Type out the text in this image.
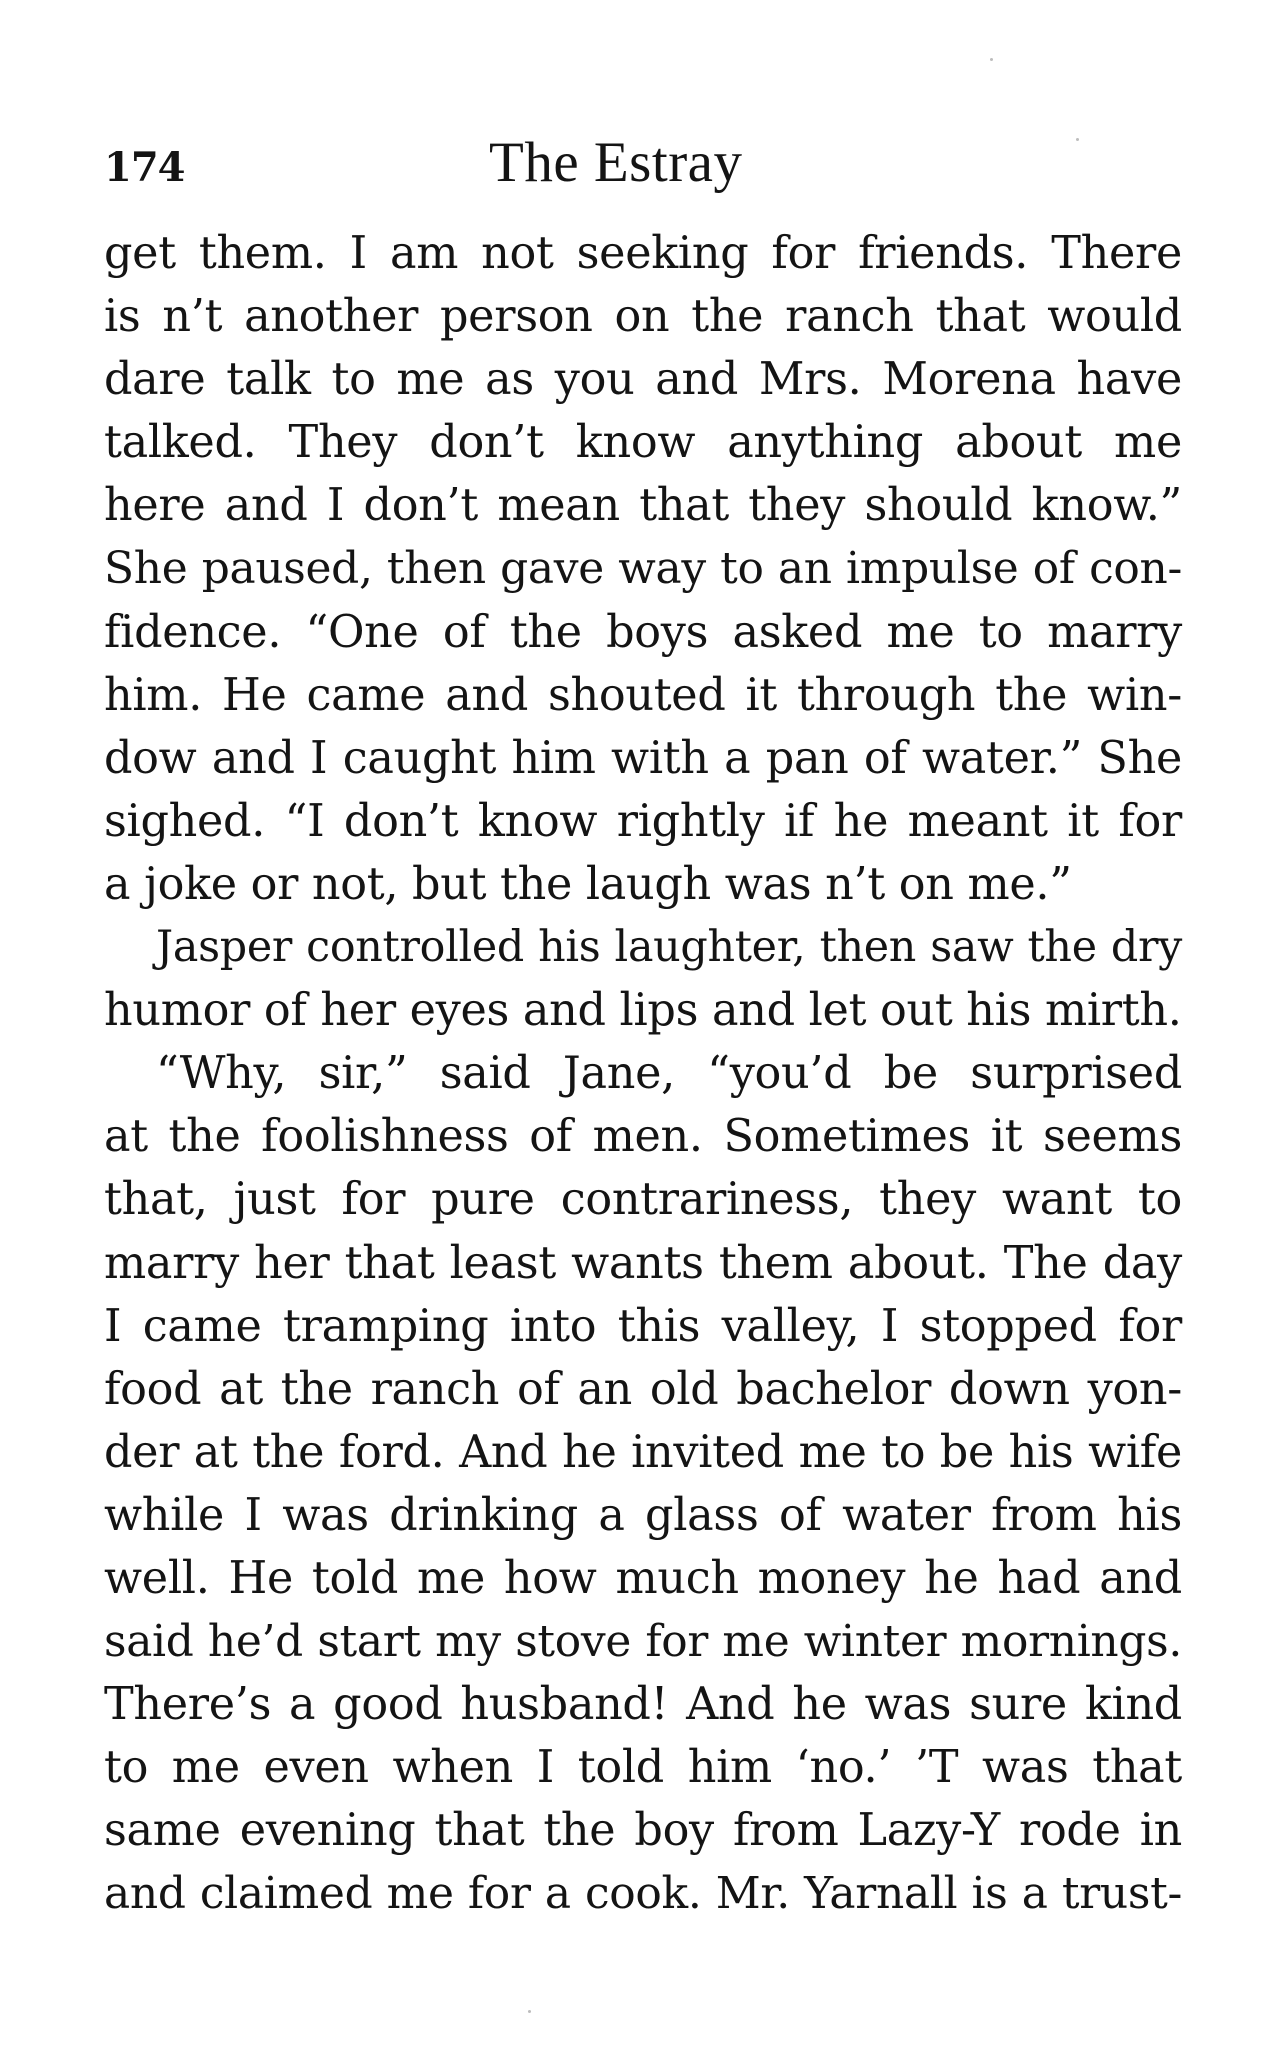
174	The Estray
get them. I am not seeking for friends. There
is n’t another person on the ranch that would
dare talk to me as you and Mrs. Morena have
talked. They don’t know anything about me
here and I don’t mean that they should know.”
She paused, then gave way to an impulse of con-
fidence. “One of the boys asked me to marry
him. He came and shouted it through the win-
dow and I caught him with a pan of water.” She
sighed. “I don’t know rightly if he meant it for
a joke or not, but the laugh was n’t on me.”
Jasper controlled his laughter, then saw the dry
humor of her eyes and lips and let out his mirth.
“Why, sir,” said Jane, “you’d be surprised
at the foolishness of men. Sometimes it seems
that, just for pure contrariness, they want to
marry her that least wants them about. The day
I came tramping into this valley, I stopped for
food at the ranch of an old bachelor down yon-
der at the ford. And he invited me to be his wife
while I was drinking a glass of water from his
well. He told me how much money he had and
said he’d start my stove for me winter mornings.
There’s a good husband! And he was sure kind
to me even when I told him ‘no.’ ’T was that
same evening that the boy from Lazy-Y rode in
and claimed me for a cook. Mr. Yarnall is a trust-
